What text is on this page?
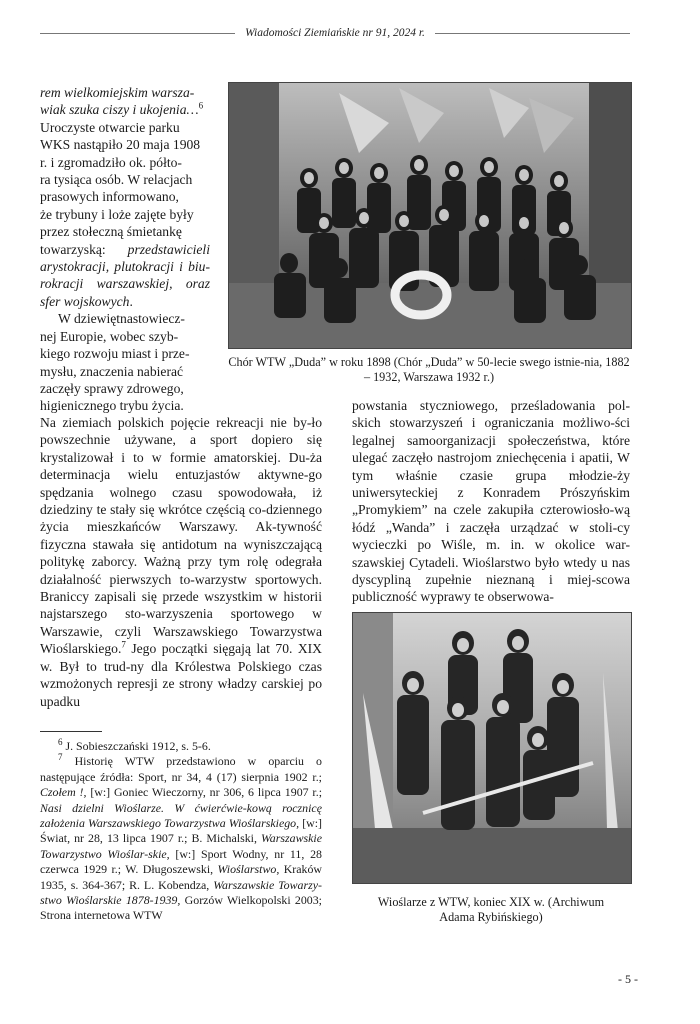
Wiadomości Ziemiańskie nr 91, 2024 r.

rem wielkomiejskim warsza-
wiak szuka ciszy i ukojenia…$^6$
Uroczyste otwarcie parku
WKS nastąpiło 20 maja 1908
r. i zgromadziło ok. półto-
ra tysiąca osób. W relacjach
prasowych informowano,
że trybuny i loże zajęte były
przez stołeczną śmietankę
towarzyską: przedstawicieli arystokracji, plutokracji i biu-rokracji warszawskiej, oraz sfer wojskowych.

W dziewiętnastowiecz-
nej Europie, wobec szyb-
kiego rozwoju miast i prze-
mysłu, znaczenia nabierać
zaczęły sprawy zdrowego,
higienicznego trybu życia.

Chór WTW „Duda” w roku 1898 (Chór „Duda” w 50-lecie swego istnie-nia, 1882 – 1932, Warszawa 1932 r.)

Na ziemiach polskich pojęcie rekreacji nie by-ło powszechnie używane, a sport dopiero się krystalizował i to w formie amatorskiej. Du-ża determinacja wielu entuzjastów aktywne-go spędzania wolnego czasu spowodowała, iż dziedziny te stały się wkrótce częścią co-dziennego życia mieszkańców Warszawy. Ak-tywność fizyczna stawała się antidotum na wyniszczającą politykę zaborcy. Ważną przy tym rolę odegrała działalność pierwszych to-warzystw sportowych. Braniccy zapisali się przede wszystkim w historii najstarszego sto-warzyszenia sportowego w Warszawie, czyli Warszawskiego Towarzystwa Wioślarskiego.$^7$ Jego początki sięgają lat 70. XIX w. Był to trud-ny dla Królestwa Polskiego czas wzmożonych represji ze strony władzy carskiej po upadku

powstania styczniowego, prześladowania pol-skich stowarzyszeń i ograniczania możliwo-ści legalnej samoorganizacji społeczeństwa, które ulegać zaczęło nastrojom zniechęcenia i apatii, W tym właśnie czasie grupa młodzie-ży uniwersyteckiej z Konradem Prószyńskim „Promykiem” na czele zakupiła czterowiosło-wą łódź „Wanda” i zaczęła urządzać w stoli-cy wycieczki po Wiśle, m. in. w okolice war-szawskiej Cytadeli. Wioślarstwo było wtedy u nas dyscypliną zupełnie nieznaną i miej-scowa publiczność wyprawy te obserwowa-

Wioślarze z WTW, koniec XIX w. (Archiwum Adama Rybińskiego)

$^6$ J. Sobieszczański 1912, s. 5-6.

$^7$ Historię WTW przedstawiono w oparciu o następujące źródła: Sport, nr 34, 4 (17) sierpnia 1902 r.; Czołem !, [w:] Goniec Wieczorny, nr 306, 6 lipca 1907 r.; Nasi dzielni Wioślarze. W ćwierćwie-kową rocznicę założenia Warszawskiego Towarzystwa Wioślarskiego, [w:] Świat, nr 28, 13 lipca 1907 r.; B. Michalski, Warszawskie Towarzystwo Wioślar-skie, [w:] Sport Wodny, nr 11, 28 czerwca 1929 r.; W. Długoszewski, Wioślarstwo, Kraków 1935, s. 364-367; R. L. Kobendza, Warszawskie Towarzy-stwo Wioślarskie 1878-1939, Gorzów Wielkopolski 2003; Strona internetowa WTW

- 5 -
